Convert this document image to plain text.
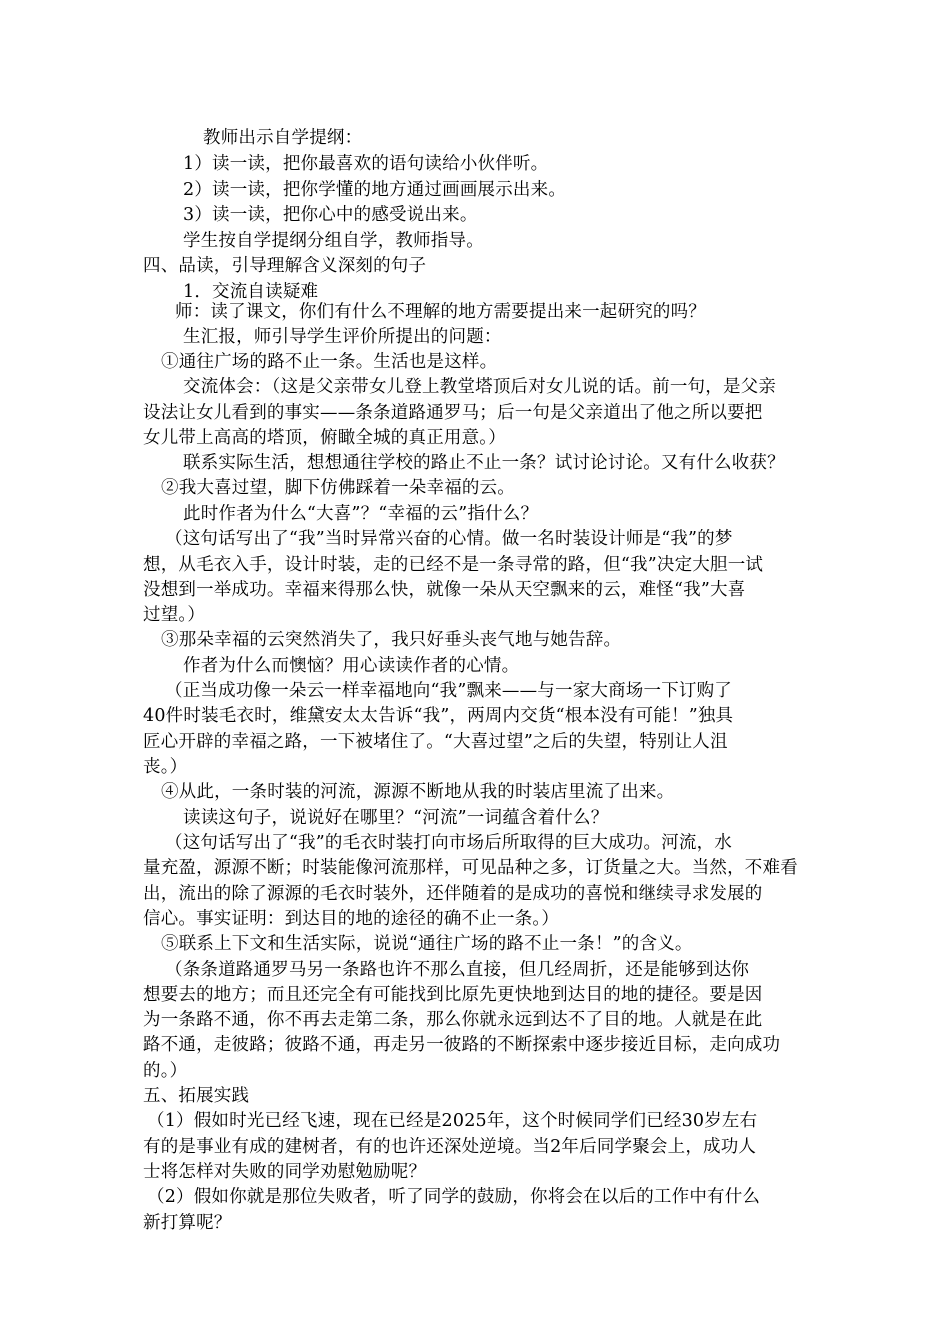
教师出示自学提纲：
1）读一读，把你最喜欢的语句读给小伙伴听。
2）读一读，把你学懂的地方通过画画展示出来。
3）读一读，把你心中的感受说出来。
学生按自学提纲分组自学，教师指导。
四、品读，引导理解含义深刻的句子
1．交流自读疑难
师：读了课文，你们有什么不理解的地方需要提出来一起研究的吗？
生汇报，师引导学生评价所提出的问题：
①通往广场的路不止一条。生活也是这样。
交流体会：（这是父亲带女儿登上教堂塔顶后对女儿说的话。前一句，是父亲
设法让女儿看到的事实——条条道路通罗马；后一句是父亲道出了他之所以要把
女儿带上高高的塔顶，俯瞰全城的真正用意。）
联系实际生活，想想通往学校的路止不止一条？试讨论讨论。又有什么收获？
②我大喜过望，脚下仿佛踩着一朵幸福的云。
此时作者为什么“大喜”？“幸福的云”指什么？
（这句话写出了“我”当时异常兴奋的心情。做一名时装设计师是“我”的梦
想，从毛衣入手，设计时装，走的已经不是一条寻常的路，但“我”决定大胆一试
没想到一举成功。幸福来得那么快，就像一朵从天空飘来的云，难怪“我”大喜
过望。）
③那朵幸福的云突然消失了，我只好垂头丧气地与她告辞。
作者为什么而懊恼？用心读读作者的心情。
（正当成功像一朵云一样幸福地向“我”飘来——与一家大商场一下订购了
40件时装毛衣时，维黛安太太告诉“我”，两周内交货“根本没有可能！”独具
匠心开辟的幸福之路，一下被堵住了。“大喜过望”之后的失望，特别让人沮
丧。）
④从此，一条时装的河流，源源不断地从我的时装店里流了出来。
读读这句子，说说好在哪里？“河流”一词蕴含着什么？
（这句话写出了“我”的毛衣时装打向市场后所取得的巨大成功。河流，水
量充盈，源源不断；时装能像河流那样，可见品种之多，订货量之大。当然，不难看
出，流出的除了源源的毛衣时装外，还伴随着的是成功的喜悦和继续寻求发展的
信心。事实证明：到达目的地的途径的确不止一条。）
⑤联系上下文和生活实际，说说“通往广场的路不止一条！”的含义。
（条条道路通罗马另一条路也许不那么直接，但几经周折，还是能够到达你
想要去的地方；而且还完全有可能找到比原先更快地到达目的地的捷径。要是因
为一条路不通，你不再去走第二条，那么你就永远到达不了目的地。人就是在此
路不通，走彼路；彼路不通，再走另一彼路的不断探索中逐步接近目标，走向成功
的。）
五、拓展实践
（1）假如时光已经飞速，现在已经是2025年，这个时候同学们已经30岁左右
有的是事业有成的建树者，有的也许还深处逆境。当2年后同学聚会上，成功人
士将怎样对失败的同学劝慰勉励呢？
（2）假如你就是那位失败者，听了同学的鼓励，你将会在以后的工作中有什么
新打算呢？
